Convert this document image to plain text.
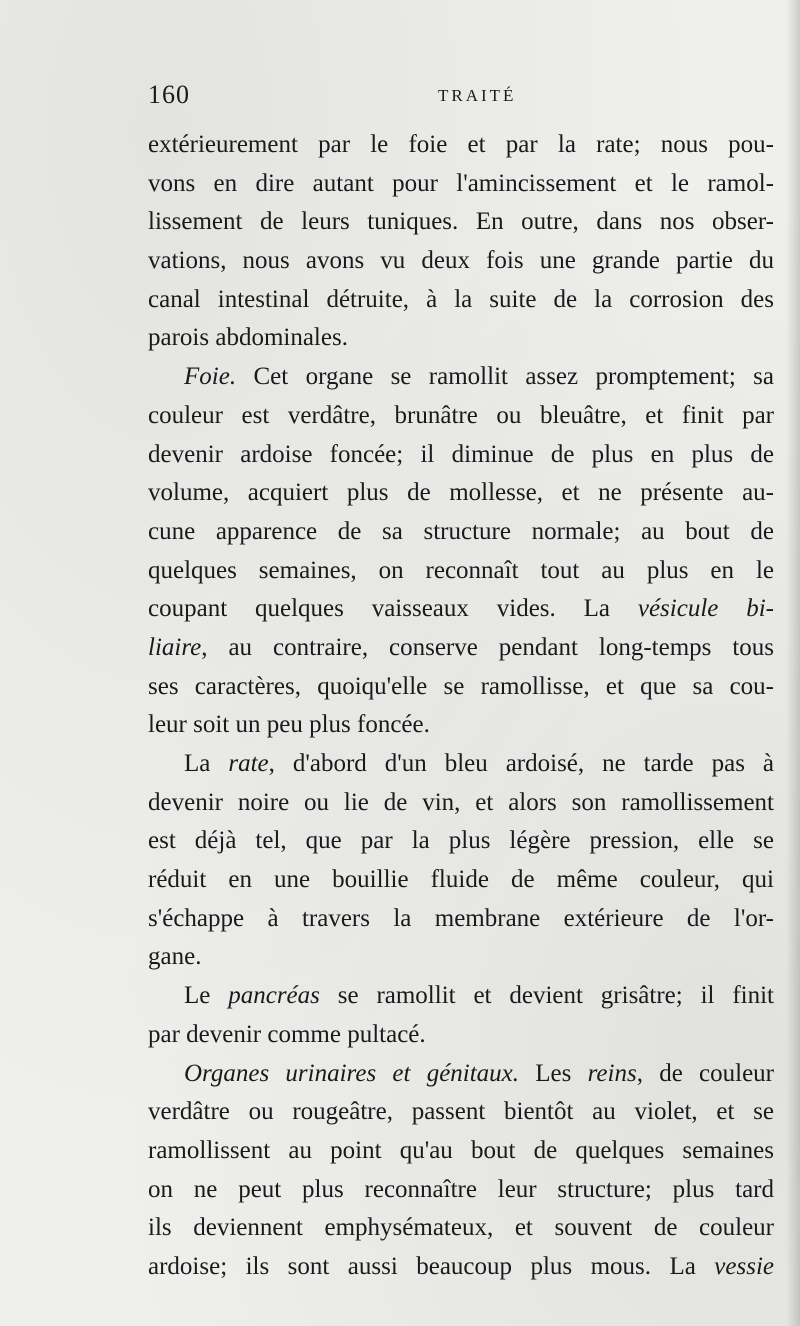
160	TRAITÉ
extérieurement par le foie et par la rate; nous pou-
vons en dire autant pour l'amincissement et le ramol-
lissement de leurs tuniques. En outre, dans nos obser-
vations, nous avons vu deux fois une grande partie du
canal intestinal détruite, à la suite de la corrosion des
parois abdominales.
Foie. Cet organe se ramollit assez promptement; sa
couleur est verdâtre, brunâtre ou bleuâtre, et finit par
devenir ardoise foncée; il diminue de plus en plus de
volume, acquiert plus de mollesse, et ne présente au-
cune apparence de sa structure normale; au bout de
quelques semaines, on reconnaît tout au plus en le
coupant quelques vaisseaux vides. La vésicule bi-
liaire, au contraire, conserve pendant long-temps tous
ses caractères, quoiqu'elle se ramollisse, et que sa cou-
leur soit un peu plus foncée.
La rate, d'abord d'un bleu ardoisé, ne tarde pas à
devenir noire ou lie de vin, et alors son ramollissement
est déjà tel, que par la plus légère pression, elle se
réduit en une bouillie fluide de même couleur, qui
s'échappe à travers la membrane extérieure de l'or-
gane.
Le pancréas se ramollit et devient grisâtre; il finit
par devenir comme pultacé.
Organes urinaires et génitaux. Les reins, de couleur
verdâtre ou rougeâtre, passent bientôt au violet, et se
ramollissent au point qu'au bout de quelques semaines
on ne peut plus reconnaître leur structure; plus tard
ils deviennent emphysémateux, et souvent de couleur
ardoise; ils sont aussi beaucoup plus mous. La vessie
